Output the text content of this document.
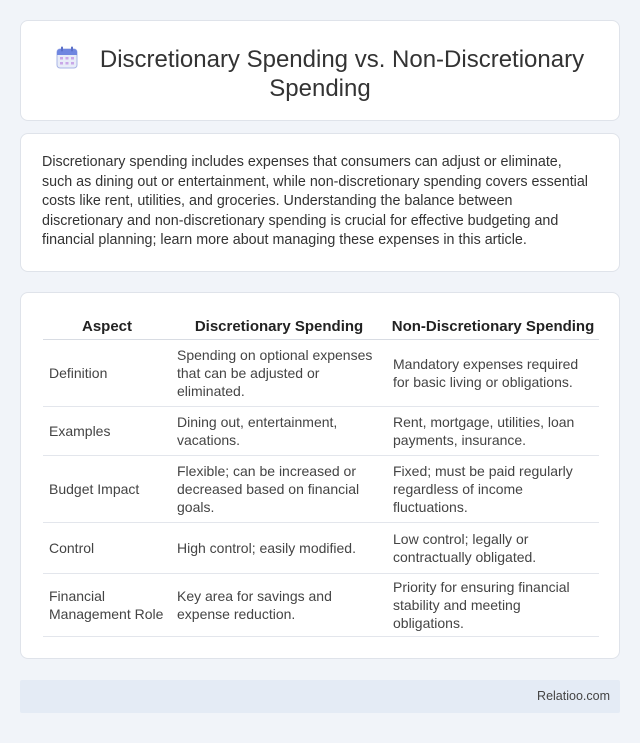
Discretionary Spending vs. Non-Discretionary Spending

Discretionary spending includes expenses that consumers can adjust or eliminate, such as dining out or entertainment, while non-discretionary spending covers essential costs like rent, utilities, and groceries. Understanding the balance between discretionary and non-discretionary spending is crucial for effective budgeting and financial planning; learn more about managing these expenses in this article.

Aspect	Discretionary Spending	Non-Discretionary Spending
Definition	Spending on optional expenses that can be adjusted or eliminated.	Mandatory expenses required for basic living or obligations.
Examples	Dining out, entertainment, vacations.	Rent, mortgage, utilities, loan payments, insurance.
Budget Impact	Flexible; can be increased or decreased based on financial goals.	Fixed; must be paid regularly regardless of income fluctuations.
Control	High control; easily modified.	Low control; legally or contractually obligated.
Financial Management Role	Key area for savings and expense reduction.	Priority for ensuring financial stability and meeting obligations.
Relatioo.com
